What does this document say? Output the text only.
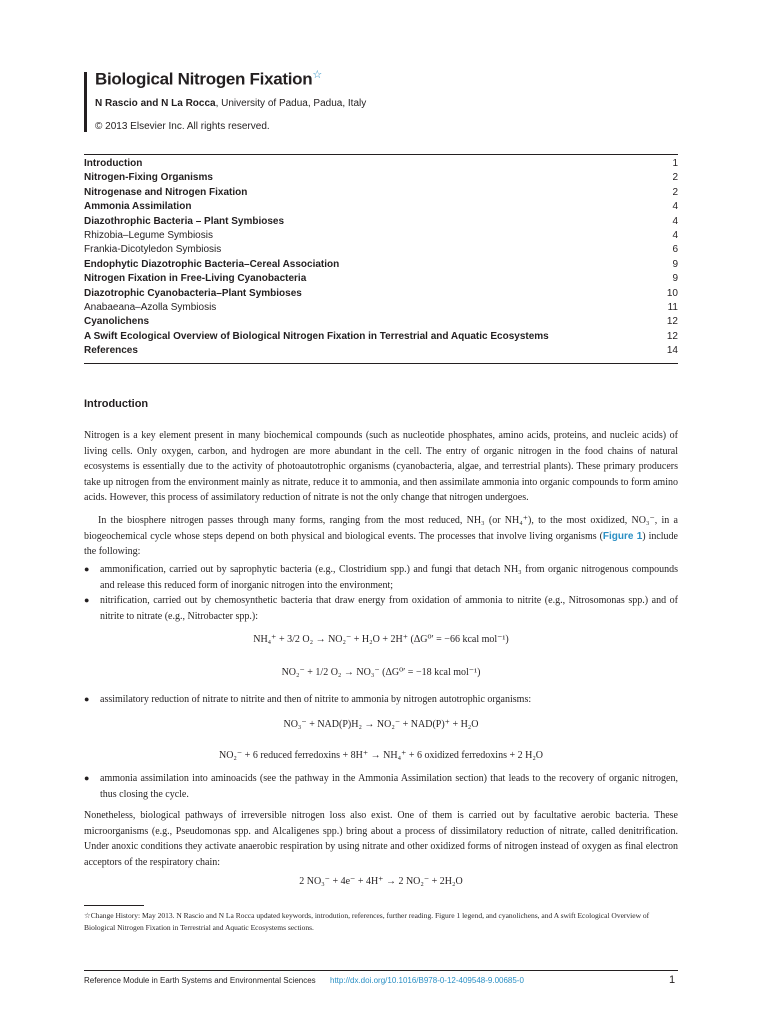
Biological Nitrogen Fixation☆
N Rascio and N La Rocca, University of Padua, Padua, Italy
© 2013 Elsevier Inc. All rights reserved.
Introduction	1
Nitrogen-Fixing Organisms	2
Nitrogenase and Nitrogen Fixation	2
Ammonia Assimilation	4
Diazothrophic Bacteria – Plant Symbioses	4
Rhizobia–Legume Symbiosis	4
Frankia-Dicotyledon Symbiosis	6
Endophytic Diazotrophic Bacteria–Cereal Association	9
Nitrogen Fixation in Free-Living Cyanobacteria	9
Diazotrophic Cyanobacteria–Plant Symbioses	10
Anabaeana–Azolla Symbiosis	11
Cyanolichens	12
A Swift Ecological Overview of Biological Nitrogen Fixation in Terrestrial and Aquatic Ecosystems	12
References	14
Introduction
Nitrogen is a key element present in many biochemical compounds (such as nucleotide phosphates, amino acids, proteins, and nucleic acids) of living cells. Only oxygen, carbon, and hydrogen are more abundant in the cell. The entry of organic nitrogen in the food chains of natural ecosystems is essentially due to the activity of photoautotrophic organisms (cyanobacteria, algae, and terrestrial plants). These primary producers take up nitrogen from the environment mainly as nitrate, reduce it to ammonia, and then assimilate ammonia into organic compounds to form amino acids. However, this process of assimilatory reduction of nitrate is not the only change that nitrogen undergoes.
In the biosphere nitrogen passes through many forms, ranging from the most reduced, NH₃ (or NH₄⁺), to the most oxidized, NO₃⁻, in a biogeochemical cycle whose steps depend on both physical and biological events. The processes that involve living organisms (Figure 1) include the following:
● ammonification, carried out by saprophytic bacteria (e.g., Clostridium spp.) and fungi that detach NH₃ from organic nitrogenous compounds and release this reduced form of inorganic nitrogen into the environment;
● nitrification, carried out by chemosynthetic bacteria that draw energy from oxidation of ammonia to nitrite (e.g., Nitrosomonas spp.) and of nitrite to nitrate (e.g., Nitrobacter spp.):
NH₄⁺ + 3/2 O₂ → NO₂⁻ + H₂O + 2H⁺ (ΔG⁰′ = −66 kcal mol⁻¹)
NO₂⁻ + 1/2 O₂ → NO₃⁻ (ΔG⁰′ = −18 kcal mol⁻¹)
● assimilatory reduction of nitrate to nitrite and then of nitrite to ammonia by nitrogen autotrophic organisms:
NO₃⁻ + NAD(P)H₂ → NO₂⁻ + NAD(P)⁺ + H₂O
NO₂⁻ + 6 reduced ferredoxins + 8H⁺ → NH₄⁺ + 6 oxidized ferredoxins + 2 H₂O
● ammonia assimilation into aminoacids (see the pathway in the Ammonia Assimilation section) that leads to the recovery of organic nitrogen, thus closing the cycle.
Nonetheless, biological pathways of irreversible nitrogen loss also exist. One of them is carried out by facultative aerobic bacteria. These microorganisms (e.g., Pseudomonas spp. and Alcaligenes spp.) bring about a process of dissimilatory reduction of nitrate, called denitrification. Under anoxic conditions they activate anaerobic respiration by using nitrate and other oxidized forms of nitrogen instead of oxygen as final electron acceptors of the respiratory chain:
2 NO₃⁻ + 4e⁻ + 4H⁺ → 2 NO₂⁻ + 2H₂O
☆Change History: May 2013. N Rascio and N La Rocca updated keywords, introdution, references, further reading. Figure 1 legend, and cyanolichens, and A swift Ecological Overview of Biological Nitrogen Fixation in Terrestrial and Aquatic Ecosystems sections.
Reference Module in Earth Systems and Environmental Sciences http://dx.doi.org/10.1016/B978-0-12-409548-9.00685-0	1
